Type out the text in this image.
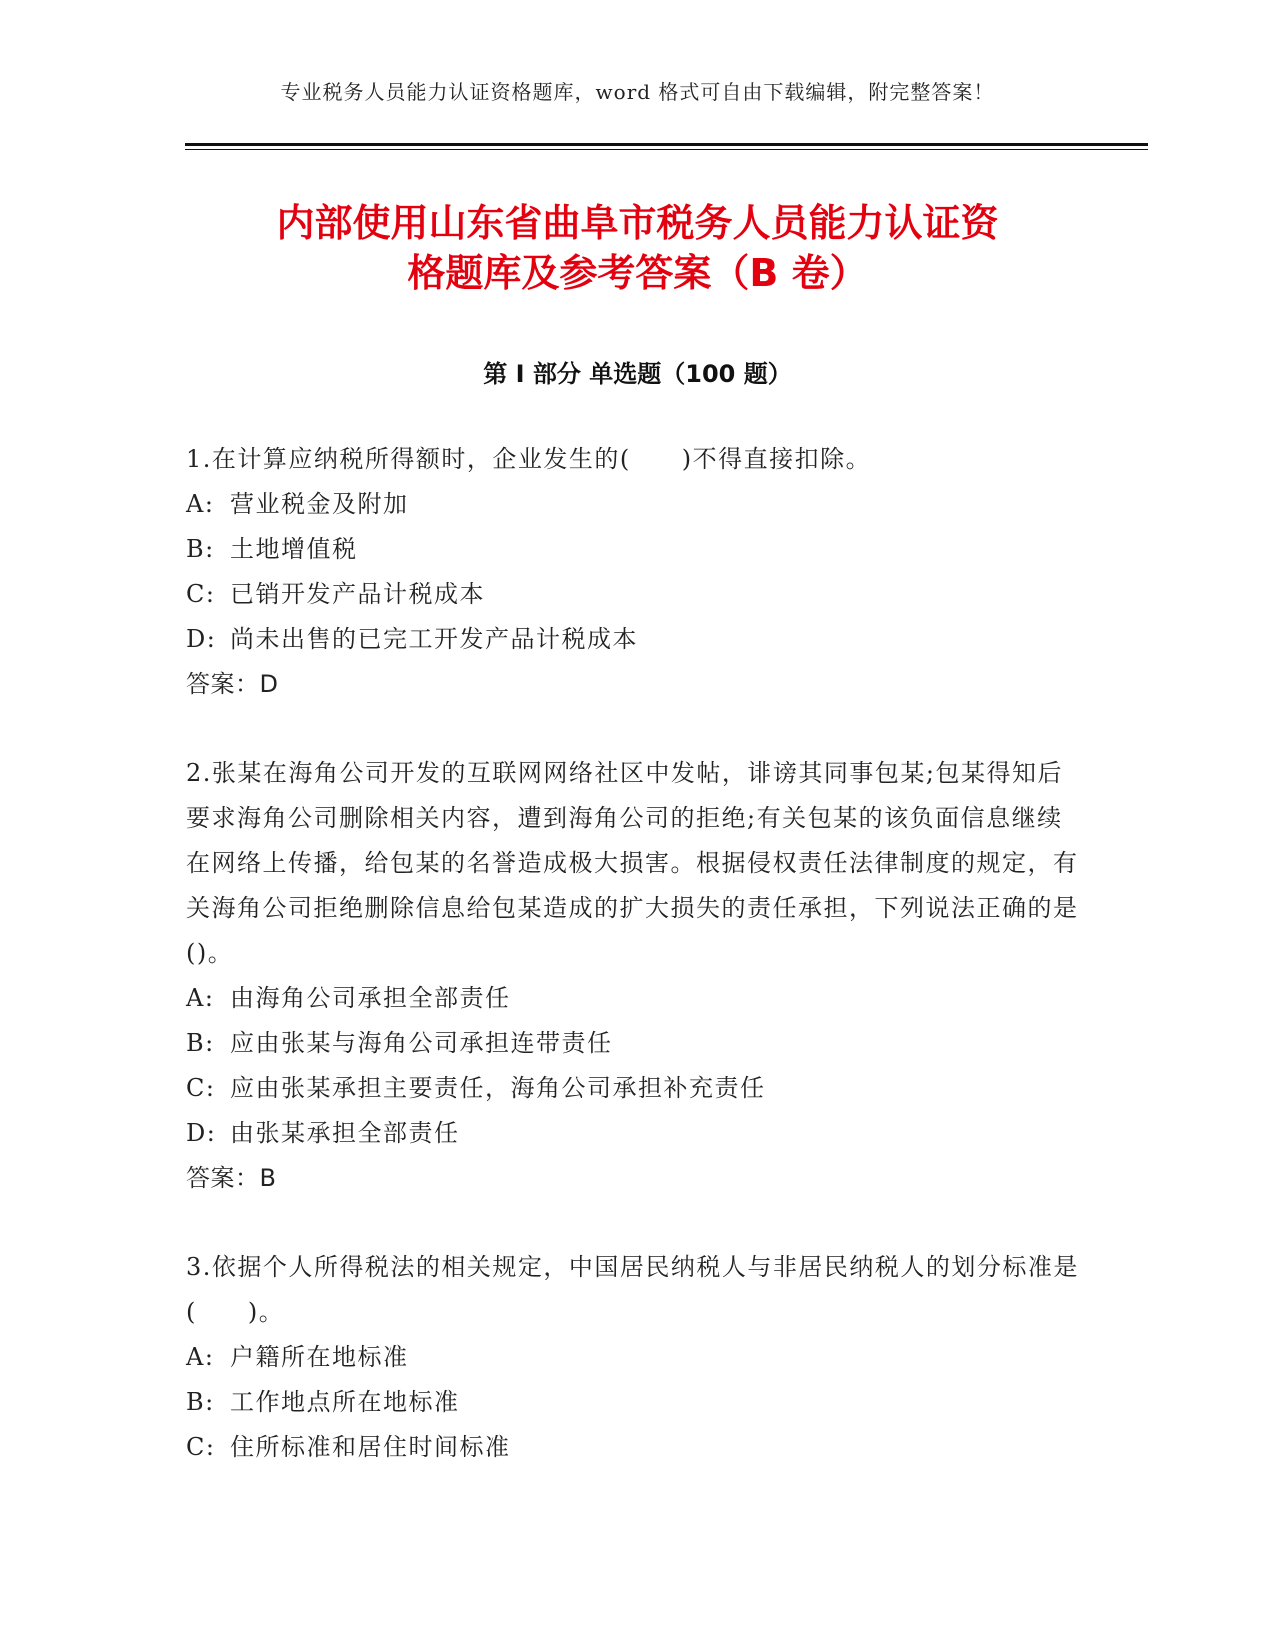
专业税务人员能力认证资格题库，word 格式可自由下载编辑，附完整答案！
内部使用山东省曲阜市税务人员能力认证资
格题库及参考答案（B 卷）
第 I 部分 单选题（100 题）

1.在计算应纳税所得额时，企业发生的(　　)不得直接扣除。

A: 营业税金及附加

B: 土地增值税

C: 已销开发产品计税成本

D: 尚未出售的已完工开发产品计税成本

答案：D

2.张某在海角公司开发的互联网网络社区中发帖，诽谤其同事包某;包某得知后要求海角公司删除相关内容，遭到海角公司的拒绝;有关包某的该负面信息继续在网络上传播，给包某的名誉造成极大损害。根据侵权责任法律制度的规定，有关海角公司拒绝删除信息给包某造成的扩大损失的责任承担，下列说法正确的是()。

A: 由海角公司承担全部责任

B: 应由张某与海角公司承担连带责任

C: 应由张某承担主要责任，海角公司承担补充责任

D: 由张某承担全部责任

答案：B

3.依据个人所得税法的相关规定，中国居民纳税人与非居民纳税人的划分标准是(　　)。

A: 户籍所在地标准

B: 工作地点所在地标准

C: 住所标准和居住时间标准
